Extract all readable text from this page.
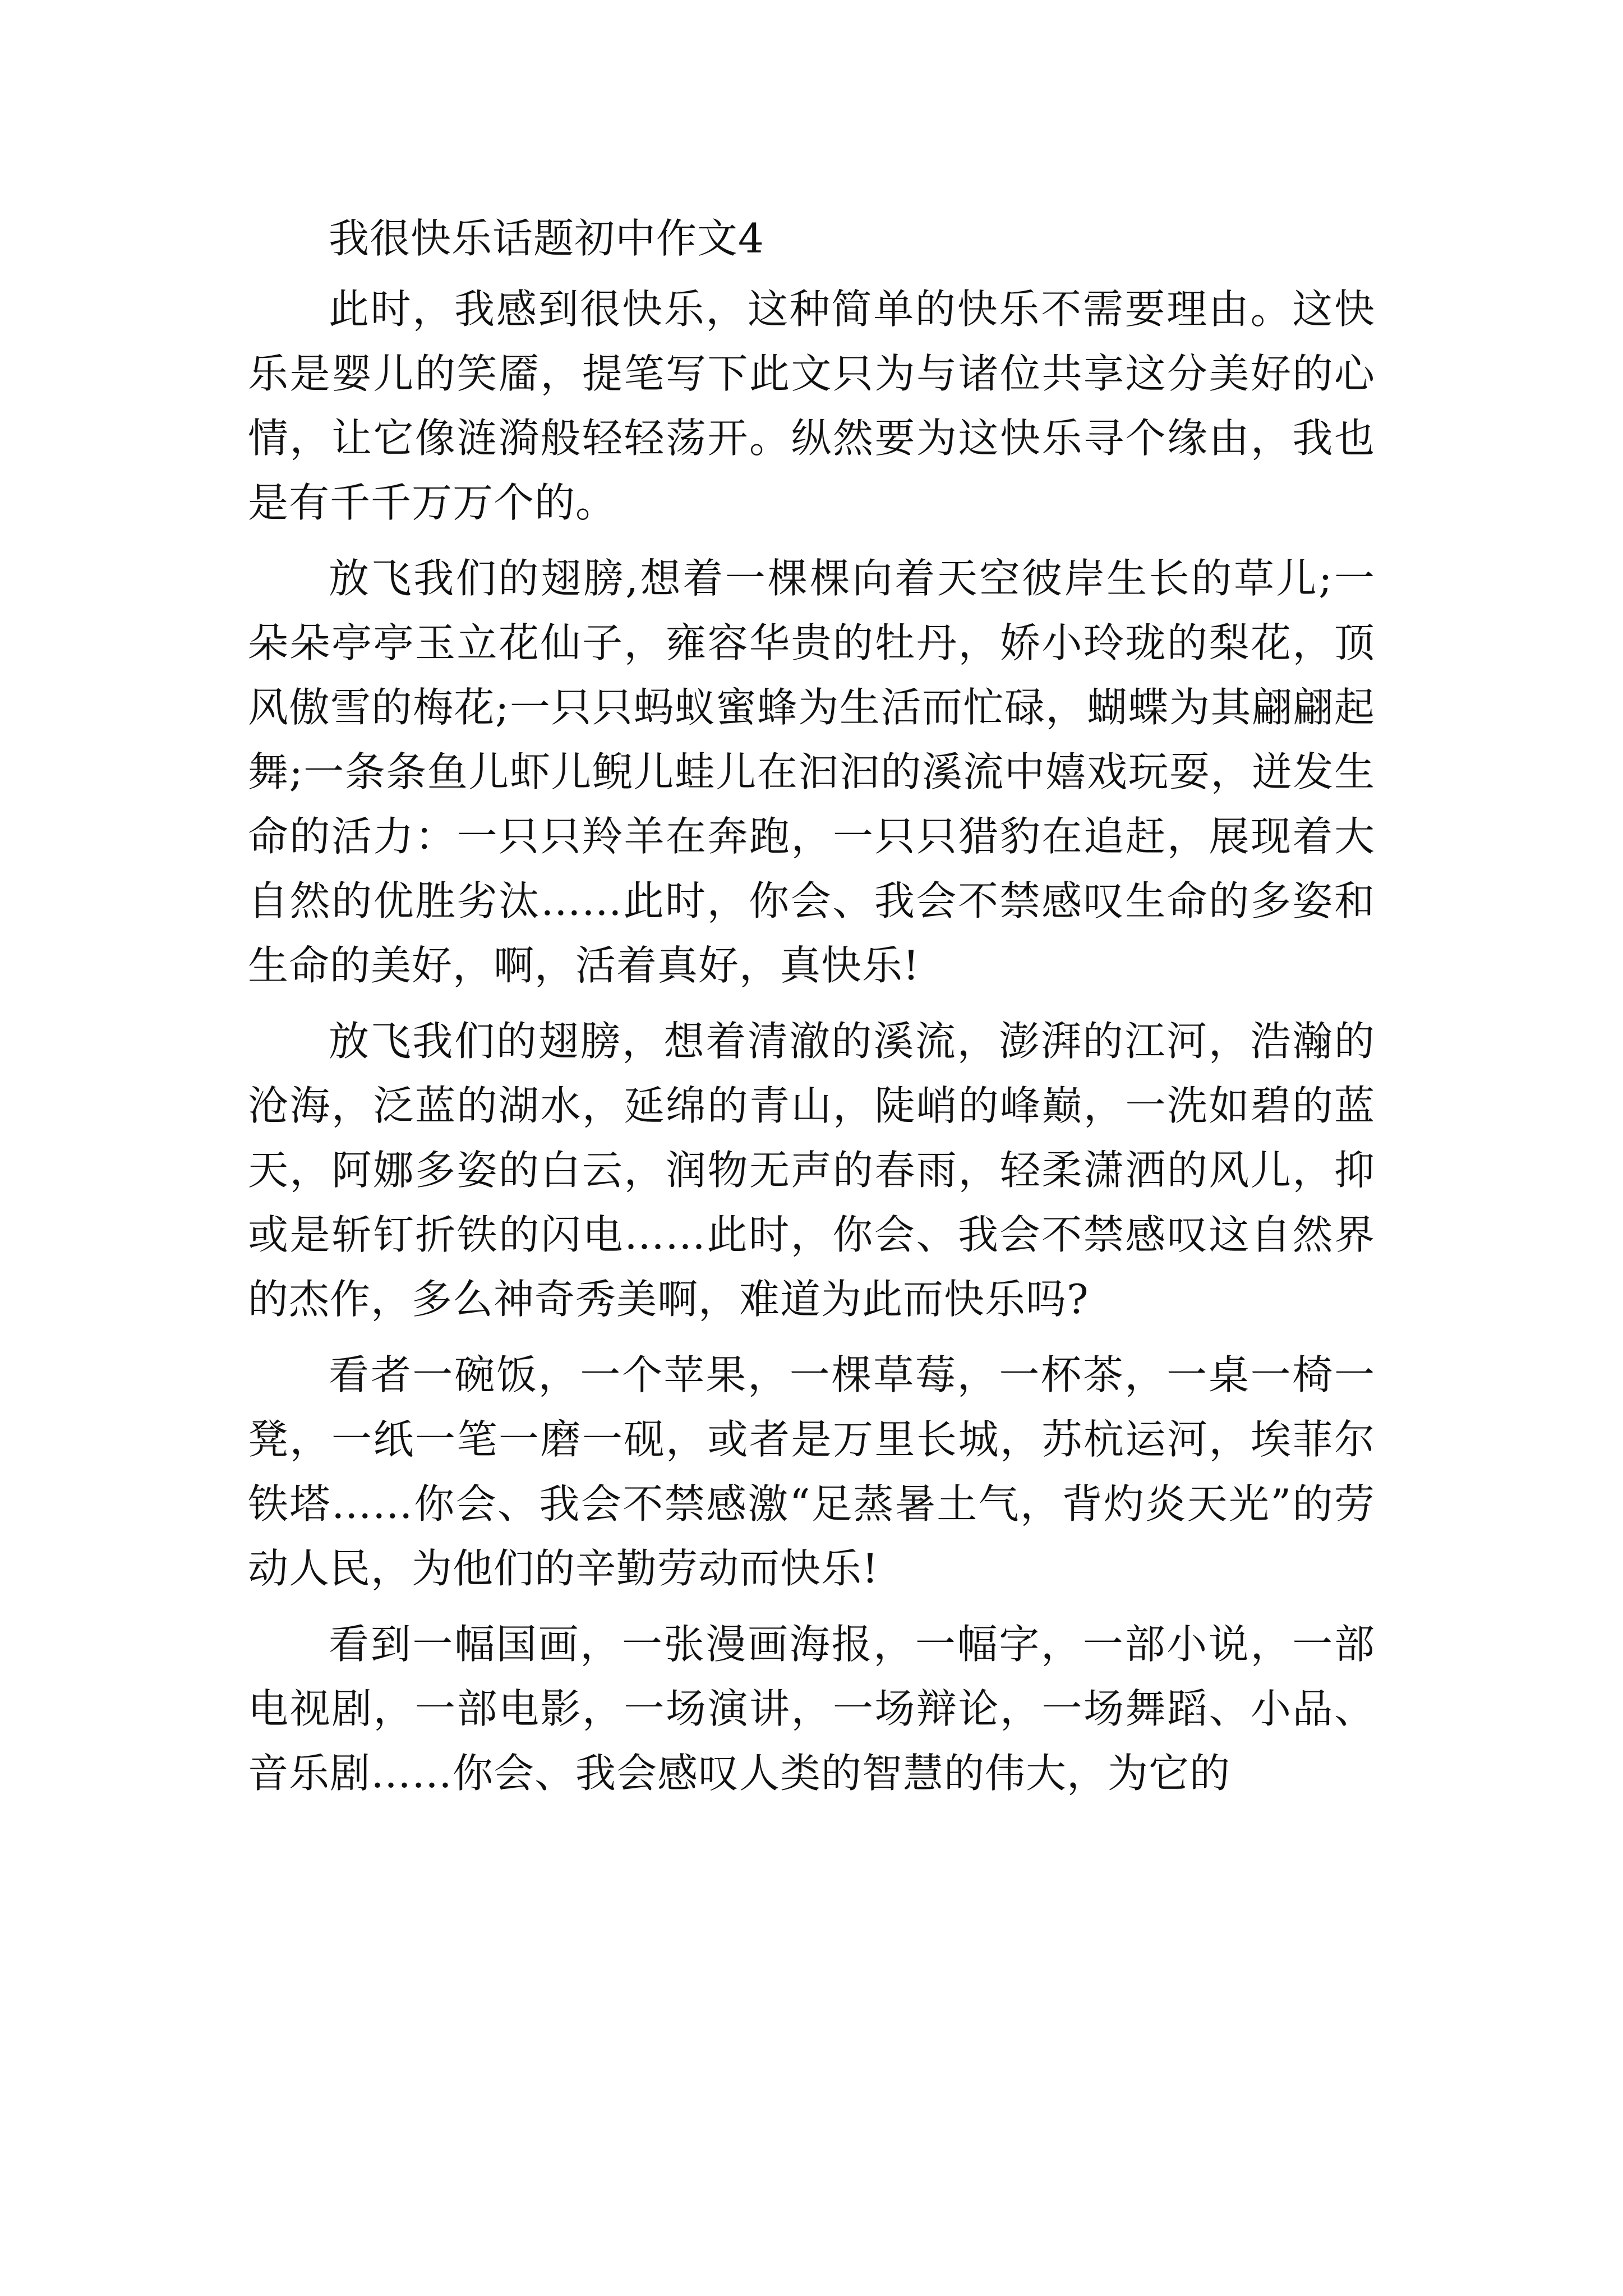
我很快乐话题初中作文4

此时，我感到很快乐，这种简单的快乐不需要理由。这快乐是婴儿的笑靥，提笔写下此文只为与诸位共享这分美好的心情，让它像涟漪般轻轻荡开。纵然要为这快乐寻个缘由，我也是有千千万万个的。

放飞我们的翅膀,想着一棵棵向着天空彼岸生长的草儿;一朵朵亭亭玉立花仙子，雍容华贵的牡丹，娇小玲珑的梨花，顶风傲雪的梅花;一只只蚂蚁蜜蜂为生活而忙碌，蝴蝶为其翩翩起舞;一条条鱼儿虾儿鲵儿蛙儿在汩汩的溪流中嬉戏玩耍，迸发生命的活力：一只只羚羊在奔跑，一只只猎豹在追赶，展现着大自然的优胜劣汰……此时，你会、我会不禁感叹生命的多姿和生命的美好，啊，活着真好，真快乐!

放飞我们的翅膀，想着清澈的溪流，澎湃的江河，浩瀚的沧海，泛蓝的湖水，延绵的青山，陡峭的峰巅，一洗如碧的蓝天，阿娜多姿的白云，润物无声的春雨，轻柔潇洒的风儿，抑或是斩钉折铁的闪电……此时，你会、我会不禁感叹这自然界的杰作，多么神奇秀美啊，难道为此而快乐吗?

看者一碗饭，一个苹果，一棵草莓，一杯茶，一桌一椅一凳，一纸一笔一磨一砚，或者是万里长城，苏杭运河，埃菲尔铁塔……你会、我会不禁感激“足蒸暑土气，背灼炎天光”的劳动人民，为他们的辛勤劳动而快乐!

看到一幅国画，一张漫画海报，一幅字，一部小说，一部电视剧，一部电影，一场演讲，一场辩论，一场舞蹈、小品、音乐剧……你会、我会感叹人类的智慧的伟大，为它的
